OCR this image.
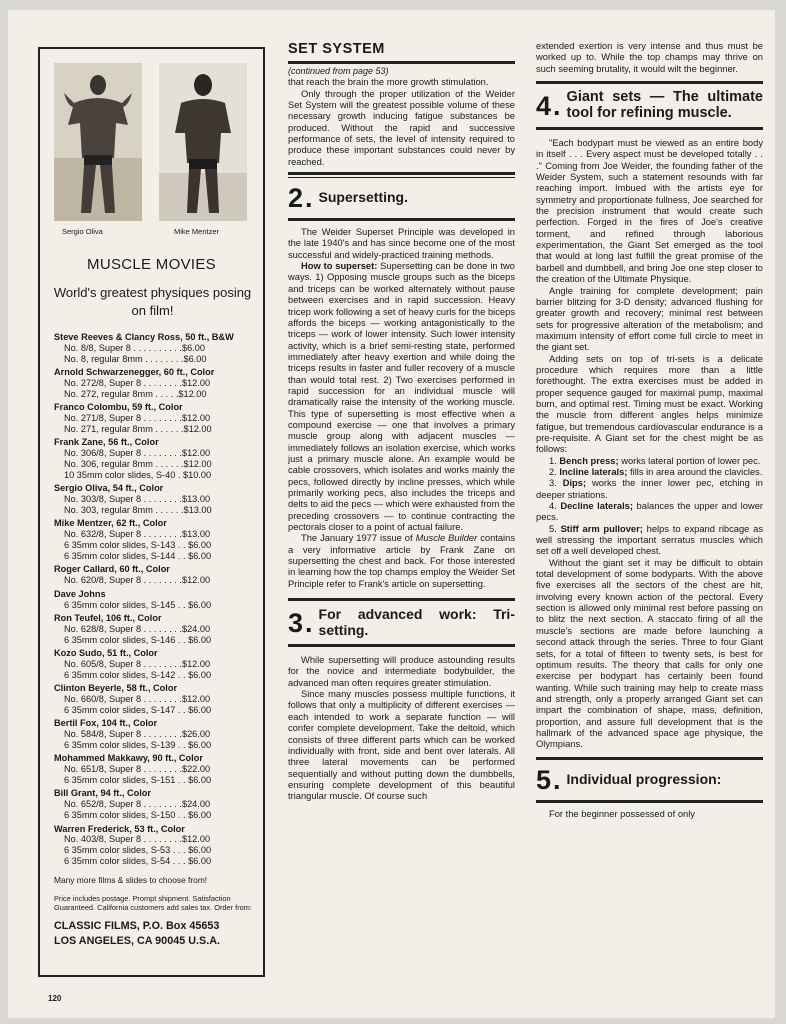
Sergio Oliva	Mike Mentzer
MUSCLE MOVIES
World's greatest physiques posing on film!
Steve Reeves & Clancy Ross, 50 ft., B&W
No. 8/8, Super 8 . . . . . . . . . .$6.00
No. 8, regular 8mm . . . . . . . .$6.00
Arnold Schwarzenegger, 60 ft., Color
No. 272/8, Super 8 . . . . . . . .$12.00
No. 272, regular 8mm . . . . .$12.00
Franco Colombu, 59 ft., Color
No. 271/8, Super 8 . . . . . . . .$12.00
No. 271, regular 8mm . . . . . .$12.00
Frank Zane, 56 ft., Color
No. 306/8, Super 8 . . . . . . . .$12.00
No. 306, regular 8mm . . . . . .$12.00
10 35mm color slides, S-40 . $10.00
Sergio Oliva, 54 ft., Color
No. 303/8, Super 8 . . . . . . . .$13.00
No. 303, regular 8mm . . . . . .$13.00
Mike Mentzer, 62 ft., Color
No. 632/8, Super 8 . . . . . . . .$13.00
6 35mm color slides, S-143 . . $6.00
6 35mm color slides, S-144 . . $6.00
Roger Callard, 60 ft., Color
No. 620/8, Super 8 . . . . . . . .$12.00
Dave Johns
6 35mm color slides, S-145 . . $6.00
Ron Teufel, 106 ft., Color
No. 628/8, Super 8 . . . . . . . .$24.00
6 35mm color slides, S-146 . . $6.00
Kozo Sudo, 51 ft., Color
No. 605/8, Super 8 . . . . . . . .$12.00
6 35mm color slides, S-142 . . $6.00
Clinton Beyerle, 58 ft., Color
No. 660/8, Super 8 . . . . . . . .$12.00
6 35mm color slides, S-147 . . $6.00
Bertil Fox, 104 ft., Color
No. 584/8, Super 8 . . . . . . . .$26.00
6 35mm color slides, S-139 . . $6.00
Mohammed Makkawy, 90 ft., Color
No. 651/8, Super 8 . . . . . . . .$22.00
6 35mm color slides, S-151 . . $6.00
Bill Grant, 94 ft., Color
No. 652/8, Super 8 . . . . . . . .$24.00
6 35mm color slides, S-150 . . $6.00
Warren Frederick, 53 ft., Color
No. 403/8, Super 8 . . . . . . . .$12.00
6 35mm color slides, S-53 . . . $6.00
6 35mm color slides, S-54 . . . $6.00
Many more films & slides to choose from!
Price includes postage. Prompt shipment. Satisfaction Guaranteed. California customers add sales tax. Order from:
CLASSIC FILMS, P.O. Box 45653
LOS ANGELES, CA 90045 U.S.A.
SET SYSTEM
(continued from page 53)

that reach the brain the more growth stimulation.

Only through the proper utilization of the Weider Set System will the greatest possible volume of these necessary growth inducing fatigue substances be produced. Without the rapid and successive performance of sets, the level of intensity required to produce these important substances could never by reached.

2 . Supersetting.

The Weider Superset Principle was developed in the late 1940's and has since become one of the most successful and widely-practiced training methods.

How to superset: Supersetting can be done in two ways. 1) Opposing muscle groups such as the biceps and triceps can be worked alternately without pause between exercises and in rapid succession. Heavy tricep work following a set of heavy curls for the biceps affords the biceps — working antagonistically to the triceps — work of lower intensity. Such lower intensity activity, which is a brief semi-resting state, performed immediately after heavy exertion and while doing the triceps results in faster and fuller recovery of a muscle than would total rest. 2) Two exercises performed in rapid succession for an individual muscle will dramatically raise the intensity of the working muscle. This type of supersetting is most effective when a compound exercise — one that involves a primary muscle group along with adjacent muscles — immediately follows an isolation exercise, which works just a primary muscle alone. An example would be cable crossovers, which isolates and works mainly the pecs, followed directly by incline presses, which while primarily working pecs, also includes the triceps and delts to aid the pecs — which were exhausted from the preceding crossovers — to continue contracting the pectorals closer to a point of actual failure.

The January 1977 issue of Muscle Builder contains a very informative article by Frank Zane on supersetting the chest and back. For those interested in learning how the top champs employ the Weider Set Principle refer to Frank's article on supersetting.

3 . For advanced work: Tri-setting.

While supersetting will produce astounding results for the novice and intermediate bodybuilder, the advanced man often requires greater stimulation.

Since many muscles possess multiple functions, it follows that only a multiplicity of different exercises — each intended to work a separate function — will confer complete development. Take the deltoid, which consists of three different parts which can be worked individually with front, side and bent over laterals. All three lateral movements can be performed sequentially and without putting down the dumbbells, ensuring complete development of this beautiful triangular muscle. Of course such

extended exertion is very intense and thus must be worked up to. While the top champs may thrive on such seeming brutality, it would wilt the beginner.

4 . Giant sets — The ultimate tool for refining muscle.

"Each bodypart must be viewed as an entire body in itself . . . Every aspect must be developed totally . . ." Coming from Joe Weider, the founding father of the Weider System, such a statement resounds with far reaching import. Imbued with the artists eye for symmetry and proportionate fullness, Joe searched for the precision instrument that would create such perfection. Forged in the fires of Joe's creative torment, and refined through laborious experimentation, the Giant Set emerged as the tool that would at long last fulfill the great promise of the barbell and dumbbell, and bring Joe one step closer to the creation of the Ultimate Physique.

Angle training for complete development; pain barrier blitzing for 3-D density; advanced flushing for greater growth and recovery; minimal rest between sets for progressive alteration of the metabolism; and maximum intensity of effort come full circle to meet in the giant set.

Adding sets on top of tri-sets is a delicate procedure which requires more than a little forethought. The extra exercises must be added in proper sequence gauged for maximal pump, maximal burn, and optimal rest. Timing must be exact. Working the muscle from different angles helps minimize fatigue, but tremendous cardiovascular endurance is a pre-requisite. A Giant set for the chest might be as follows:

1. Bench press; works lateral portion of lower pec.

2. Incline laterals; fills in area around the clavicles.

3. Dips; works the inner lower pec, etching in deeper striations.

4. Decline laterals; balances the upper and lower pecs.

5. Stiff arm pullover; helps to expand ribcage as well stressing the important serratus muscles which set off a well developed chest.

Without the giant set it may be difficult to obtain total development of some bodyparts. With the above five exercises all the sectors of the chest are hit, involving every known action of the pectoral. Every section is allowed only minimal rest before passing on to blitz the next section. A staccato firing of all the muscle's sections are made before launching a second attack through the series. Three to four Giant sets, for a total of fifteen to twenty sets, is best for optimum results. The theory that calls for only one exercise per bodypart has certainly been found wanting. While such training may help to create mass and strength, only a properly arranged Giant set can impart the combination of shape, mass, definition, proportion, and assure full development that is the hallmark of the advanced space age physique, the Olympians.

5 . Individual progression:

For the beginner possessed of only

120
